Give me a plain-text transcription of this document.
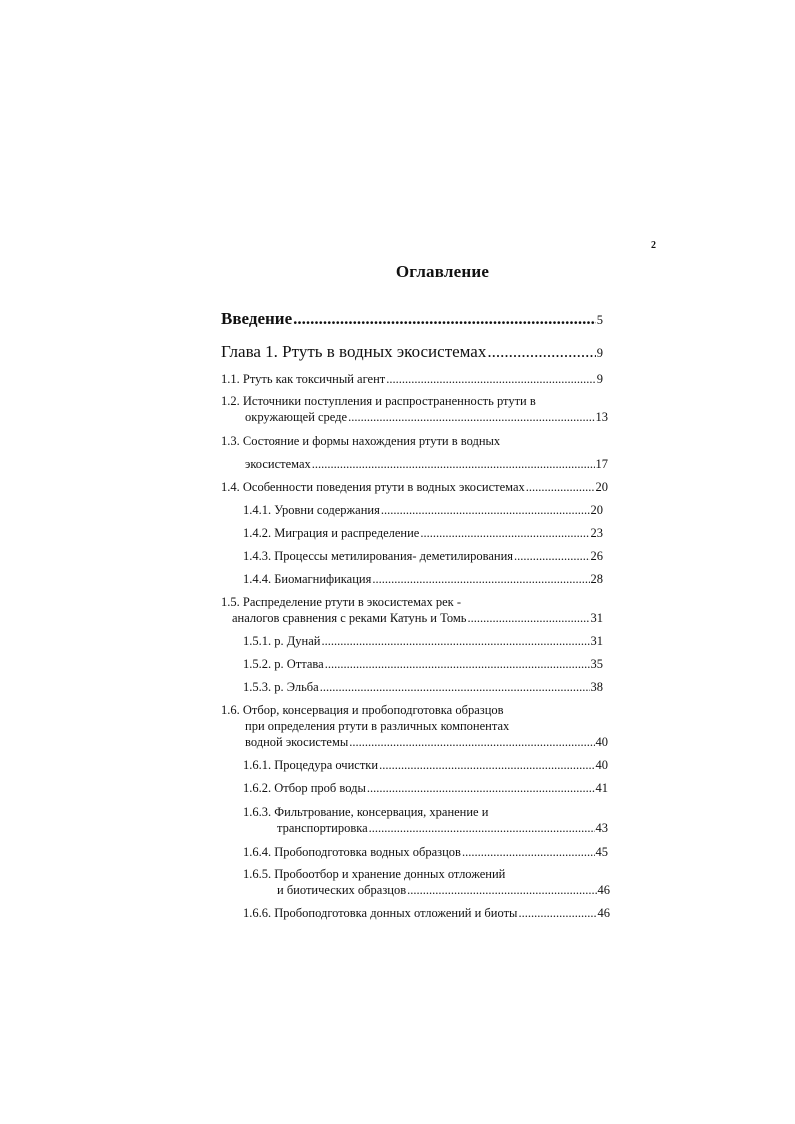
2
Оглавление
Введение .....	5
Глава 1. Ртуть в водных экосистемах .....	9
1.1. Ртуть как токсичный агент .....	9
1.2. Источники поступления и распространенность ртути в
окружающей среде .....	13
1.3. Состояние и формы нахождения ртути в водных
экосистемах .....	17
1.4. Особенности поведения ртути в водных экосистемах .....	20
1.4.1. Уровни содержания .....	20
1.4.2. Миграция и распределение .....	23
1.4.3. Процессы метилирования- деметилирования .....	26
1.4.4. Биомагнификация .....	28
1.5. Распределение ртути в экосистемах рек -
аналогов сравнения с реками Катунь и Томь .....	31
1.5.1. р. Дунай .....	31
1.5.2. р. Оттава .....	35
1.5.3. р. Эльба .....	38
1.6. Отбор, консервация и пробоподготовка образцов
при определения ртути в различных компонентах
водной экосистемы .....	40
1.6.1. Процедура очистки .....	40
1.6.2. Отбор проб воды .....	41
1.6.3. Фильтрование, консервация, хранение и
транспортировка .....	43
1.6.4. Пробоподготовка водных образцов .....	45
1.6.5. Пробоотбор и хранение донных отложений
и биотических образцов .....	46
1.6.6. Пробоподготовка донных отложений и биоты .....	46
